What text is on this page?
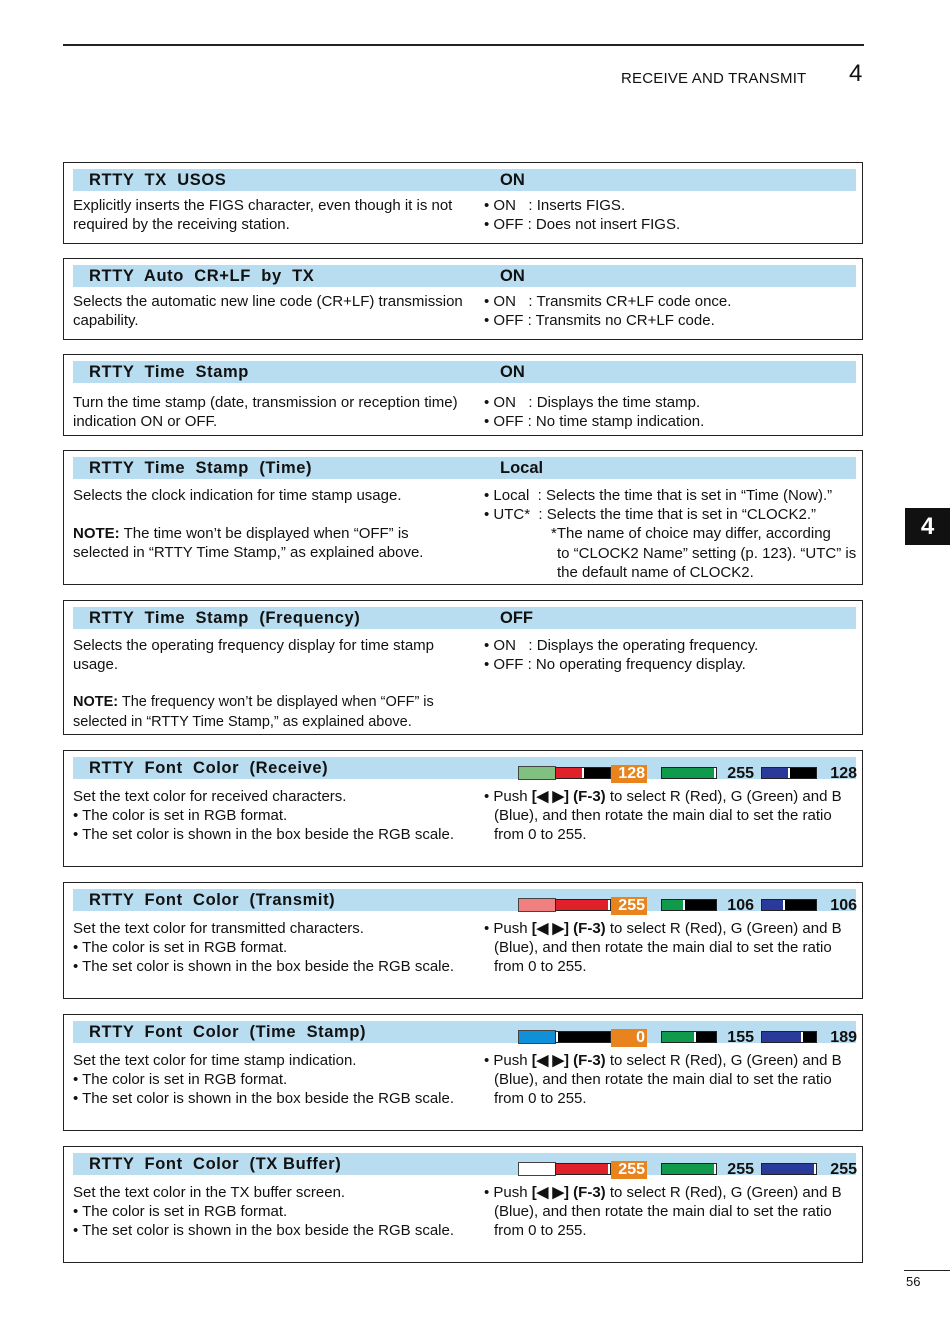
RECEIVE AND TRANSMIT 4
4
RTTY  TX  USOS	ON

Explicitly inserts the FIGS character, even though it is not required by the receiving station.

• ON   : Inserts FIGS.

• OFF : Does not insert FIGS.

RTTY  Auto  CR+LF  by  TX	ON

Selects the automatic new line code (CR+LF) transmission capability.

• ON   : Transmits CR+LF code once.

• OFF : Transmits no CR+LF code.

RTTY  Time  Stamp	ON

Turn the time stamp (date, transmission or reception time) indication ON or OFF.

• ON   : Displays the time stamp.

• OFF : No time stamp indication.

RTTY  Time  Stamp  (Time)	Local

Selects the clock indication for time stamp usage.

NOTE: The time won’t be displayed when “OFF” is selected in “RTTY Time Stamp,” as explained above.

• Local  : Selects the time that is set in “Time (Now).”

• UTC*  : Selects the time that is set in “CLOCK2.”

*The name of choice may differ, according

to “CLOCK2 Name” setting (p. 123). “UTC” is the default name of CLOCK2.

RTTY  Time  Stamp  (Frequency)	OFF

Selects the operating frequency display for time stamp usage.

NOTE: The frequency won’t be displayed when “OFF” is selected in “RTTY Time Stamp,” as explained above.

• ON   : Displays the operating frequency.

• OFF : No operating frequency display.

RTTY  Font  Color  (Receive)	128	255	128

Set the text color for received characters.

• The color is set in RGB format.

• The set color is shown in the box beside the RGB scale.

• Push [◀ ▶] (F-3) to select R (Red), G (Green) and B (Blue), and then rotate the main dial to set the ratio from 0 to 255.

RTTY  Font  Color  (Transmit)	255	106	106

Set the text color for transmitted characters.

• The color is set in RGB format.

• The set color is shown in the box beside the RGB scale.

• Push [◀ ▶] (F-3) to select R (Red), G (Green) and B (Blue), and then rotate the main dial to set the ratio from 0 to 255.

RTTY  Font  Color  (Time  Stamp)	0	155	189

Set the text color for time stamp indication.

• The color is set in RGB format.

• The set color is shown in the box beside the RGB scale.

• Push [◀ ▶] (F-3) to select R (Red), G (Green) and B (Blue), and then rotate the main dial to set the ratio from 0 to 255.

RTTY  Font  Color  (TX Buffer)	255	255	255

Set the text color in the TX buffer screen.

• The color is set in RGB format.

• The set color is shown in the box beside the RGB scale.

• Push [◀ ▶] (F-3) to select R (Red), G (Green) and B (Blue), and then rotate the main dial to set the ratio from 0 to 255.

56
